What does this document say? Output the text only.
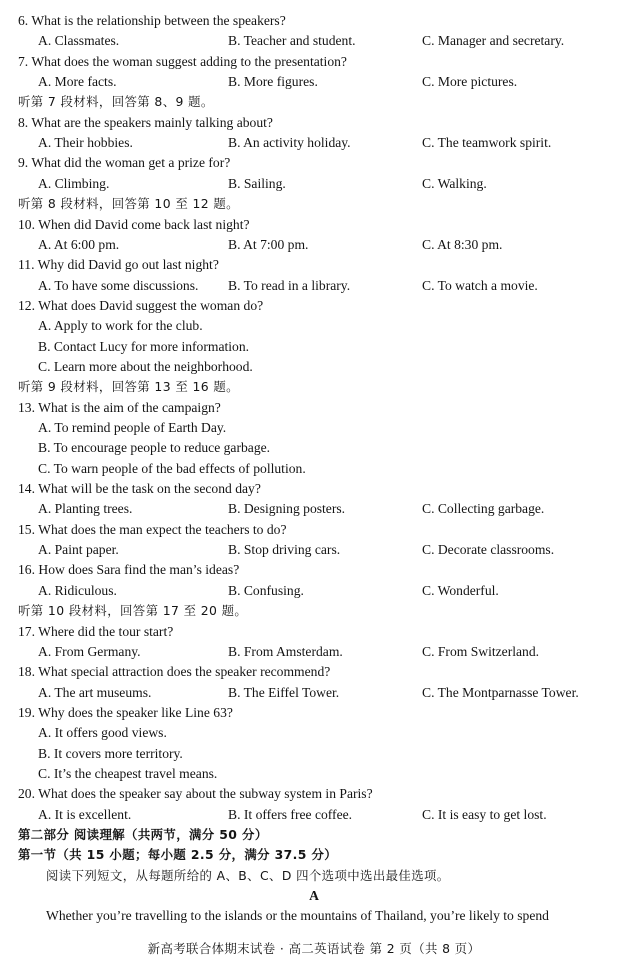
6. What is the relationship between the speakers?
A. Classmates.	B. Teacher and student.	C. Manager and secretary.
7. What does the woman suggest adding to the presentation?
A. More facts.	B. More figures.	C. More pictures.
听第 7 段材料，回答第 8、9 题。
8. What are the speakers mainly talking about?
A. Their hobbies.	B. An activity holiday.	C. The teamwork spirit.
9. What did the woman get a prize for?
A. Climbing.	B. Sailing.	C. Walking.
听第 8 段材料，回答第 10 至 12 题。
10. When did David come back last night?
A. At 6:00 pm.	B. At 7:00 pm.	C. At 8:30 pm.
11. Why did David go out last night?
A. To have some discussions. B. To read in a library.	C. To watch a movie.
12. What does David suggest the woman do?
A. Apply to work for the club.
B. Contact Lucy for more information.
C. Learn more about the neighborhood.
听第 9 段材料，回答第 13 至 16 题。
13. What is the aim of the campaign?
A. To remind people of Earth Day.
B. To encourage people to reduce garbage.
C. To warn people of the bad effects of pollution.
14. What will be the task on the second day?
A. Planting trees.	B. Designing posters.	C. Collecting garbage.
15. What does the man expect the teachers to do?
A. Paint paper.	B. Stop driving cars.	C. Decorate classrooms.
16. How does Sara find the man’s ideas?
A. Ridiculous.	B. Confusing.	C. Wonderful.
听第 10 段材料，回答第 17 至 20 题。
17. Where did the tour start?
A. From Germany.	B. From Amsterdam.	C. From Switzerland.
18. What special attraction does the speaker recommend?
A. The art museums.	B. The Eiffel Tower.	C. The Montparnasse Tower.
19. Why does the speaker like Line 63?
A. It offers good views.
B. It covers more territory.
C. It’s the cheapest travel means.
20. What does the speaker say about the subway system in Paris?
A. It is excellent.	B. It offers free coffee.	C. It is easy to get lost.
第二部分 阅读理解（共两节，满分 50 分）
第一节（共 15 小题；每小题 2.5 分，满分 37.5 分）
阅读下列短文，从每题所给的 A、B、C、D 四个选项中选出最佳选项。
A
Whether you’re travelling to the islands or the mountains of Thailand, you’re likely to spend
新高考联合体期末试卷 · 高二英语试卷 第 2 页（共 8 页）
